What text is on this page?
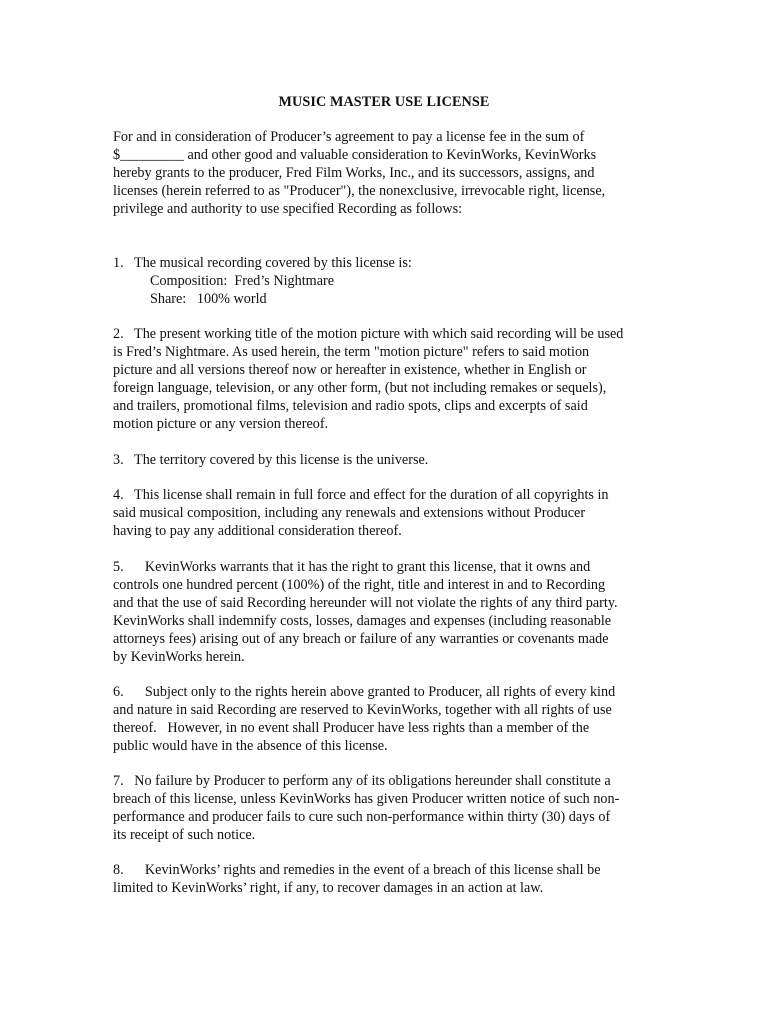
MUSIC MASTER USE LICENSE
For and in consideration of Producer’s agreement to pay a license fee in the sum of
$_________ and other good and valuable consideration to KevinWorks, KevinWorks
hereby grants to the producer, Fred Film Works, Inc., and its successors, assigns, and
licenses (herein referred to as "Producer"), the nonexclusive, irrevocable right, license,
privilege and authority to use specified Recording as follows:
1.   The musical recording covered by this license is:
Composition:  Fred’s Nightmare
Share:   100% world
2.   The present working title of the motion picture with which said recording will be used
is Fred’s Nightmare. As used herein, the term "motion picture" refers to said motion
picture and all versions thereof now or hereafter in existence, whether in English or
foreign language, television, or any other form, (but not including remakes or sequels),
and trailers, promotional films, television and radio spots, clips and excerpts of said
motion picture or any version thereof.
3.   The territory covered by this license is the universe.
4.   This license shall remain in full force and effect for the duration of all copyrights in
said musical composition, including any renewals and extensions without Producer
having to pay any additional consideration thereof.
5.      KevinWorks warrants that it has the right to grant this license, that it owns and
controls one hundred percent (100%) of the right, title and interest in and to Recording
and that the use of said Recording hereunder will not violate the rights of any third party.
KevinWorks shall indemnify costs, losses, damages and expenses (including reasonable
attorneys fees) arising out of any breach or failure of any warranties or covenants made
by KevinWorks herein.
6.      Subject only to the rights herein above granted to Producer, all rights of every kind
and nature in said Recording are reserved to KevinWorks, together with all rights of use
thereof.   However, in no event shall Producer have less rights than a member of the
public would have in the absence of this license.
7.   No failure by Producer to perform any of its obligations hereunder shall constitute a
breach of this license, unless KevinWorks has given Producer written notice of such non-
performance and producer fails to cure such non-performance within thirty (30) days of
its receipt of such notice.
8.      KevinWorks’ rights and remedies in the event of a breach of this license shall be
limited to KevinWorks’ right, if any, to recover damages in an action at law.
